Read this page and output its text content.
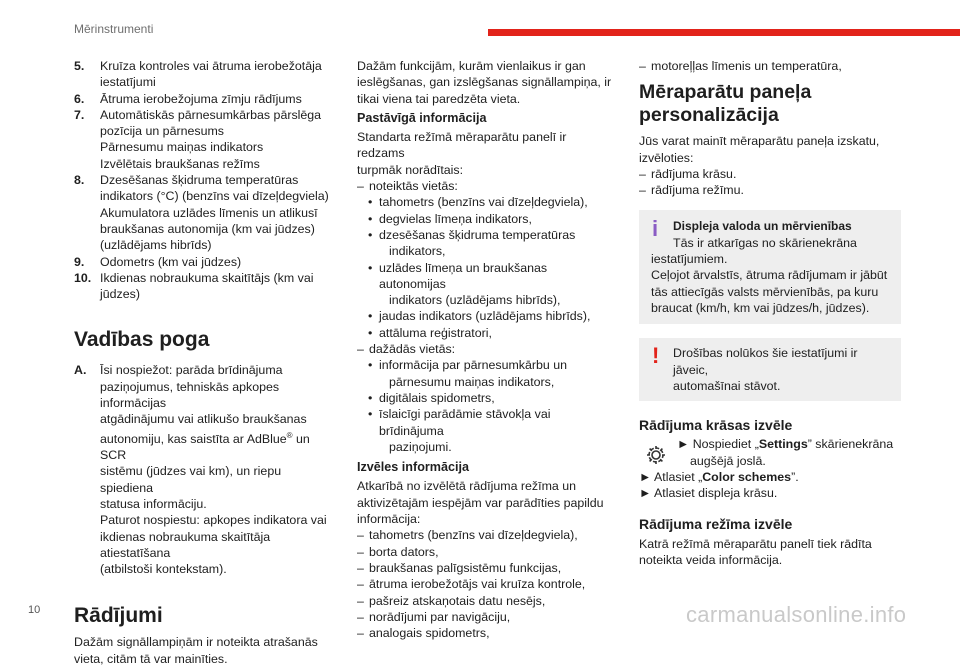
Mērinstrumenti
5. Kruīza kontroles vai ātruma ierobežotāja
iestatījumi
6. Ātruma ierobežojuma zīmju rādījums
7. Automātiskās pārnesumkārbas pārslēga
pozīcija un pārnesums
Pārnesumu maiņas indikators
Izvēlētais braukšanas režīms
8. Dzesēšanas šķidruma temperatūras
indikators (°C) (benzīns vai dīzeļdegviela)
Akumulatora uzlādes līmenis un atlikusī
braukšanas autonomija (km vai jūdzes)
(uzlādējams hibrīds)
9. Odometrs (km vai jūdzes)
10. Ikdienas nobraukuma skaitītājs (km vai
jūdzes)
Vadības poga
A. Īsi nospiežot: parāda brīdinājuma
paziņojumus, tehniskās apkopes informācijas
atgādinājumu vai atlikušo braukšanas
autonomiju, kas saistīta ar AdBlue® un SCR
sistēmu (jūdzes vai km), un riepu spiediena
statusa informāciju.
Paturot nospiestu: apkopes indikatora vai
ikdienas nobraukuma skaitītāja atiestatīšana
(atbilstoši kontekstam).
Rādījumi
Dažām signāllampiņām ir noteikta atrašanās
vieta, citām tā var mainīties.
Dažām funkcijām, kurām vienlaikus ir gan
ieslēgšanas, gan izslēgšanas signāllampiņa, ir
tikai viena tai paredzēta vieta.
Pastāvīgā informācija
Standarta režīmā mēraparātu panelī ir redzams
turpmāk norādītais:
– noteiktās vietās:
• tahometrs (benzīns vai dīzeļdegviela),
• degvielas līmeņa indikators,
• dzesēšanas šķidruma temperatūras
indikators,
• uzlādes līmeņa un braukšanas autonomijas
indikators (uzlādējams hibrīds),
• jaudas indikators (uzlādējams hibrīds),
• attāluma reģistratori,
– dažādās vietās:
• informācija par pārnesumkārbu un
pārnesumu maiņas indikators,
• digitālais spidometrs,
• īslaicīgi parādāmie stāvokļa vai brīdinājuma
paziņojumi.
Izvēles informācija
Atkarībā no izvēlētā rādījuma režīma un
aktivizētajām iespējām var parādīties papildu
informācija:
– tahometrs (benzīns vai dīzeļdegviela),
– borta dators,
– braukšanas palīgsistēmu funkcijas,
– ātruma ierobežotājs vai kruīza kontrole,
– pašreiz atskaņotais datu nesējs,
– norādījumi par navigāciju,
– analogais spidometrs,
– motoreļļas līmenis un temperatūra,
Mēraparātu paneļa
personalizācija
Jūs varat mainīt mēraparātu paneļa izskatu,
izvēloties:
– rādījuma krāsu.
– rādījuma režīmu.
i	Displeja valoda un mērvienības
Tās ir atkarīgas no skārienekrāna
iestatījumiem.
Ceļojot ārvalstīs, ātruma rādījumam ir jābūt
tās attiecīgās valsts mērvienībās, pa kuru
braucat (km/h, km vai jūdzes/h, jūdzes).
!	Drošības nolūkos šie iestatījumi ir jāveic,
automašīnai stāvot.
Rādījuma krāsas izvēle
► Nospiediet „Settings” skārienekrāna
augšējā joslā.
► Atlasiet „Color schemes”.
► Atlasiet displeja krāsu.
Rādījuma režīma izvēle
Katrā režīmā mēraparātu panelī tiek rādīta
noteikta veida informācija.
10	carmanualsonline.info
